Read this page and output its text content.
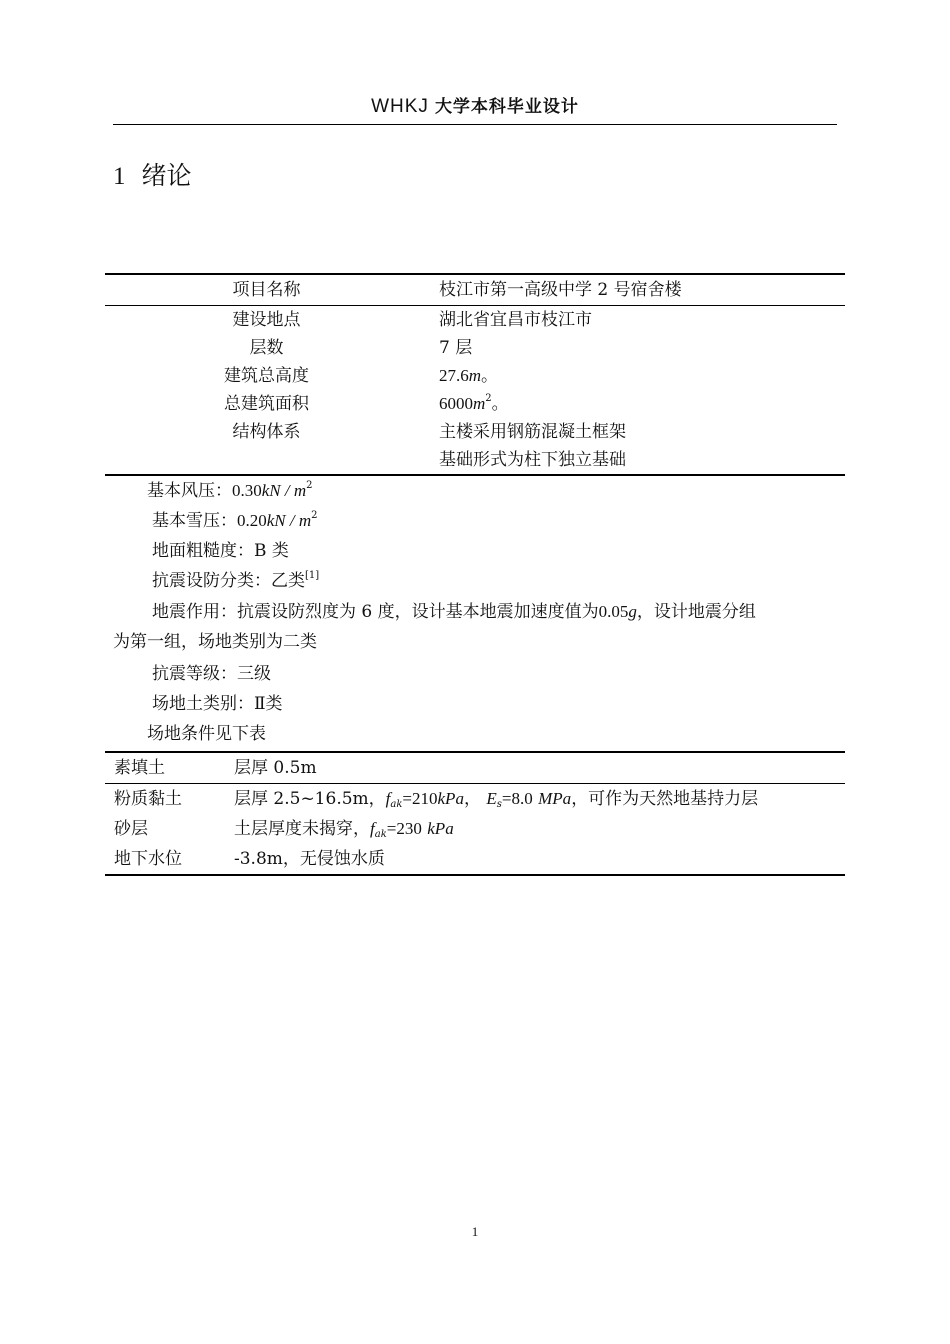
WHKJ 大学本科毕业设计
1 绪论
项目名称	枝江市第一高级中学 2 号宿舍楼
建设地点	湖北省宜昌市枝江市
层数	7 层
建筑总高度	27.6m。
总建筑面积	$6000m^2$。
结构体系	主楼采用钢筋混凝土框架
	基础形式为柱下独立基础
基本风压：$0.30kN / m^2$
基本雪压：$0.20kN / m^2$
地面粗糙度：B 类
抗震设防分类：乙类[1]
地震作用：抗震设防烈度为 6 度，设计基本地震加速度值为0.05g，设计地震分组
为第一组，场地类别为二类
抗震等级：三级
场地土类别：Ⅱ类
场地条件见下表
素填土	层厚 0.5m
粉质黏土	层厚 2.5~16.5m，$f_{ak}=210kPa$， $E_s=8.0$ MPa，可作为天然地基持力层
砂层	土层厚度未揭穿，$f_{ak}=230$ kPa
地下水位	-3.8m，无侵蚀水质
1
